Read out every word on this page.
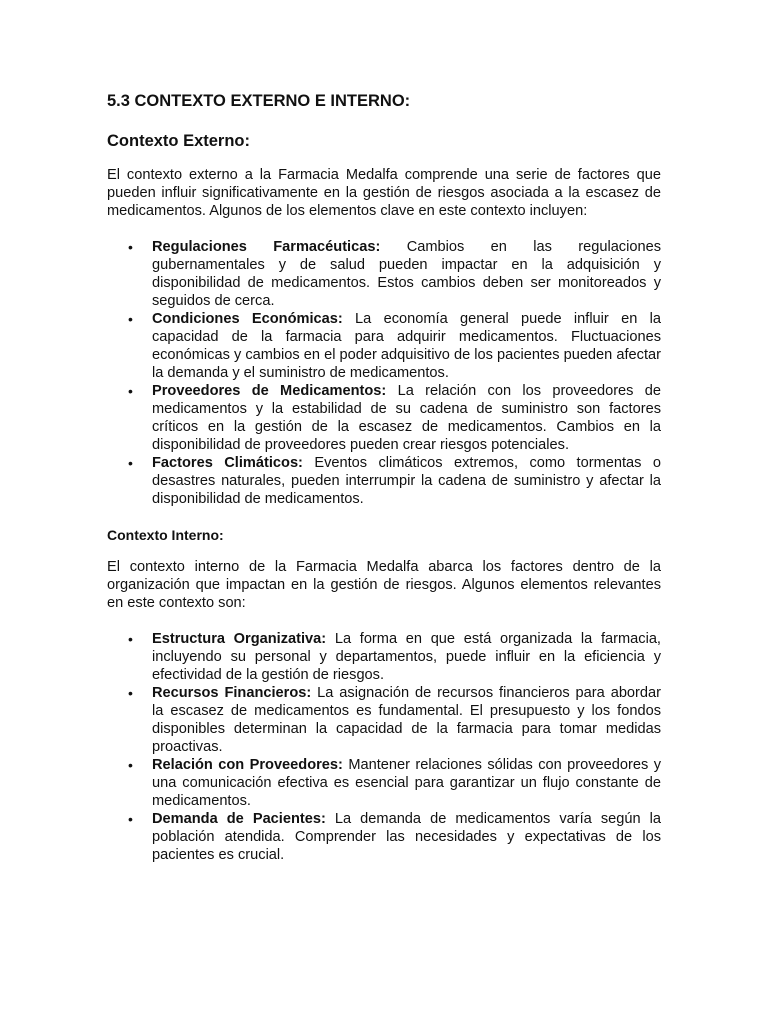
5.3 CONTEXTO EXTERNO E INTERNO:
Contexto Externo:

El contexto externo a la Farmacia Medalfa comprende una serie de factores que pueden influir significativamente en la gestión de riesgos asociada a la escasez de medicamentos. Algunos de los elementos clave en este contexto incluyen:

• Regulaciones Farmacéuticas: Cambios en las regulaciones gubernamentales y de salud pueden impactar en la adquisición y disponibilidad de medicamentos. Estos cambios deben ser monitoreados y seguidos de cerca.
• Condiciones Económicas: La economía general puede influir en la capacidad de la farmacia para adquirir medicamentos. Fluctuaciones económicas y cambios en el poder adquisitivo de los pacientes pueden afectar la demanda y el suministro de medicamentos.
• Proveedores de Medicamentos: La relación con los proveedores de medicamentos y la estabilidad de su cadena de suministro son factores críticos en la gestión de la escasez de medicamentos. Cambios en la disponibilidad de proveedores pueden crear riesgos potenciales.
• Factores Climáticos: Eventos climáticos extremos, como tormentas o desastres naturales, pueden interrumpir la cadena de suministro y afectar la disponibilidad de medicamentos.
Contexto Interno:

El contexto interno de la Farmacia Medalfa abarca los factores dentro de la organización que impactan en la gestión de riesgos. Algunos elementos relevantes en este contexto son:

• Estructura Organizativa: La forma en que está organizada la farmacia, incluyendo su personal y departamentos, puede influir en la eficiencia y efectividad de la gestión de riesgos.
• Recursos Financieros: La asignación de recursos financieros para abordar la escasez de medicamentos es fundamental. El presupuesto y los fondos disponibles determinan la capacidad de la farmacia para tomar medidas proactivas.
• Relación con Proveedores: Mantener relaciones sólidas con proveedores y una comunicación efectiva es esencial para garantizar un flujo constante de medicamentos.
• Demanda de Pacientes: La demanda de medicamentos varía según la población atendida. Comprender las necesidades y expectativas de los pacientes es crucial.
